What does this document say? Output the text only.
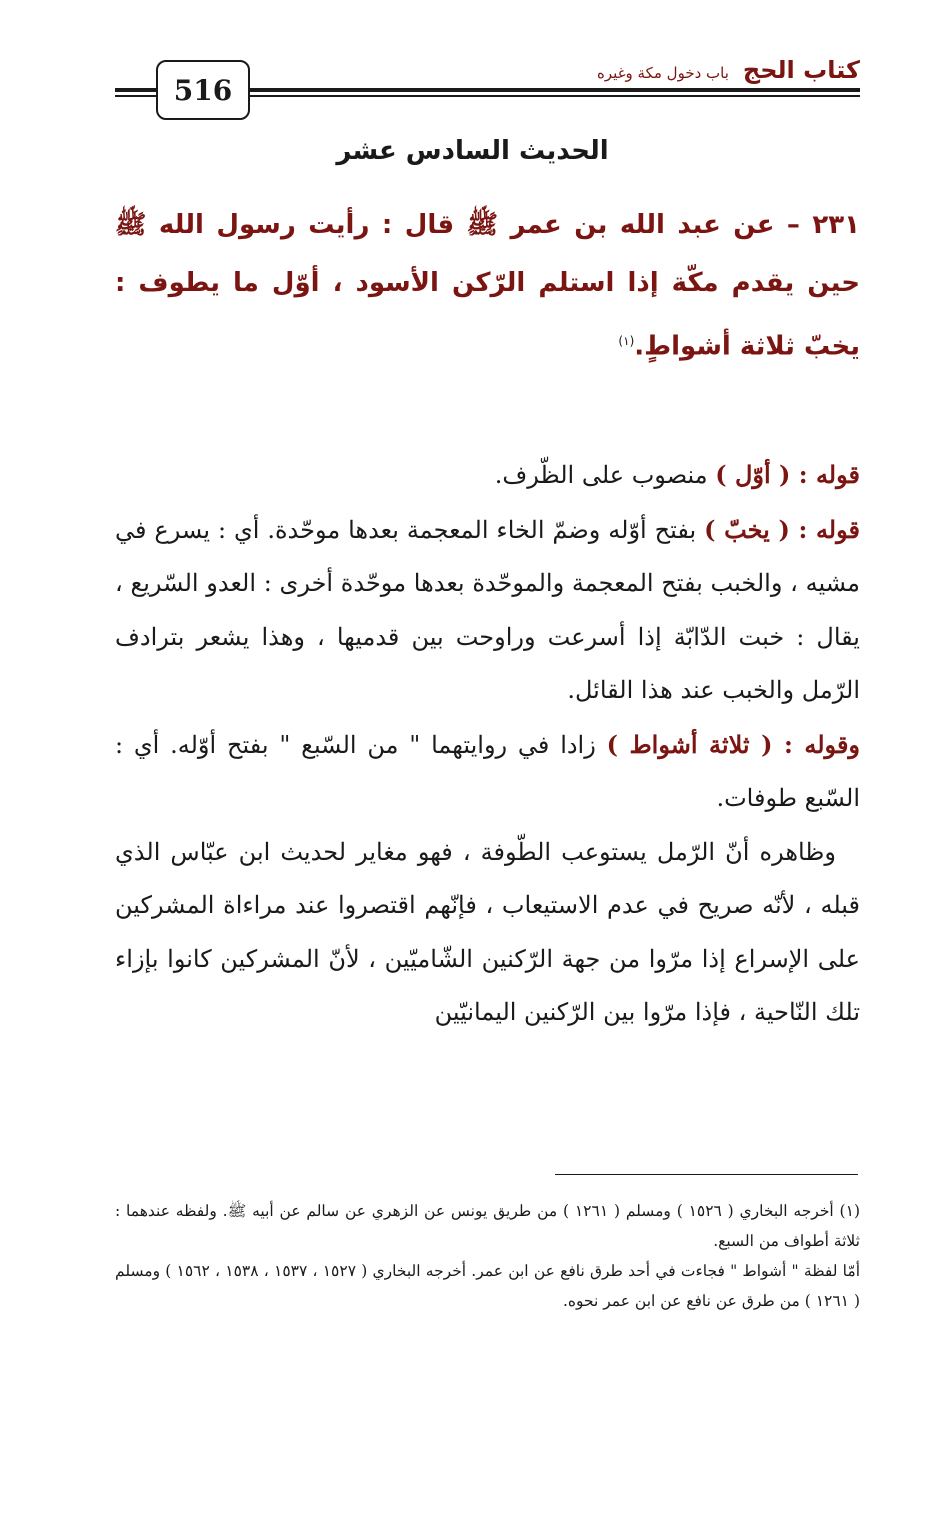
كتاب الحج
باب دخول مكة وغيره
516
الحديث السادس عشر
٢٣١ – عن عبد الله بن عمر ﷺ قال : رأيت رسول الله ﷺ حين يقدم مكّة إذا استلم الرّكن الأسود ، أوّل ما يطوف : يخبّ ثلاثة أشواطٍ.$^{(١)}$

قوله : ( أوّل ) منصوب على الظّرف.

قوله : ( يخبّ ) بفتح أوّله وضمّ الخاء المعجمة بعدها موحّدة. أي : يسرع في مشيه ، والخبب بفتح المعجمة والموحّدة بعدها موحّدة أخرى : العدو السّريع ، يقال : خبت الدّابّة إذا أسرعت وراوحت بين قدميها ، وهذا يشعر بترادف الرّمل والخبب عند هذا القائل.

وقوله : ( ثلاثة أشواط ) زادا في روايتهما " من السّبع " بفتح أوّله. أي : السّبع طوفات.

وظاهره أنّ الرّمل يستوعب الطّوفة ، فهو مغاير لحديث ابن عبّاس الذي قبله ، لأنّه صريح في عدم الاستيعاب ، فإنّهم اقتصروا عند مراءاة المشركين على الإسراع إذا مرّوا من جهة الرّكنين الشّاميّين ، لأنّ المشركين كانوا بإزاء تلك النّاحية ، فإذا مرّوا بين الرّكنين اليمانيّين

(١) أخرجه البخاري ( ١٥٢٦ ) ومسلم ( ١٢٦١ ) من طريق يونس عن الزهري عن سالم عن أبيه ﷺ. ولفظه عندهما : ثلاثة أطواف من السبع.

أمّا لفظة " أشواط " فجاءت في أحد طرق نافع عن ابن عمر. أخرجه البخاري ( ١٥٢٧ ، ١٥٣٧ ، ١٥٣٨ ، ١٥٦٢ ) ومسلم ( ١٢٦١ ) من طرق عن نافع عن ابن عمر نحوه.
